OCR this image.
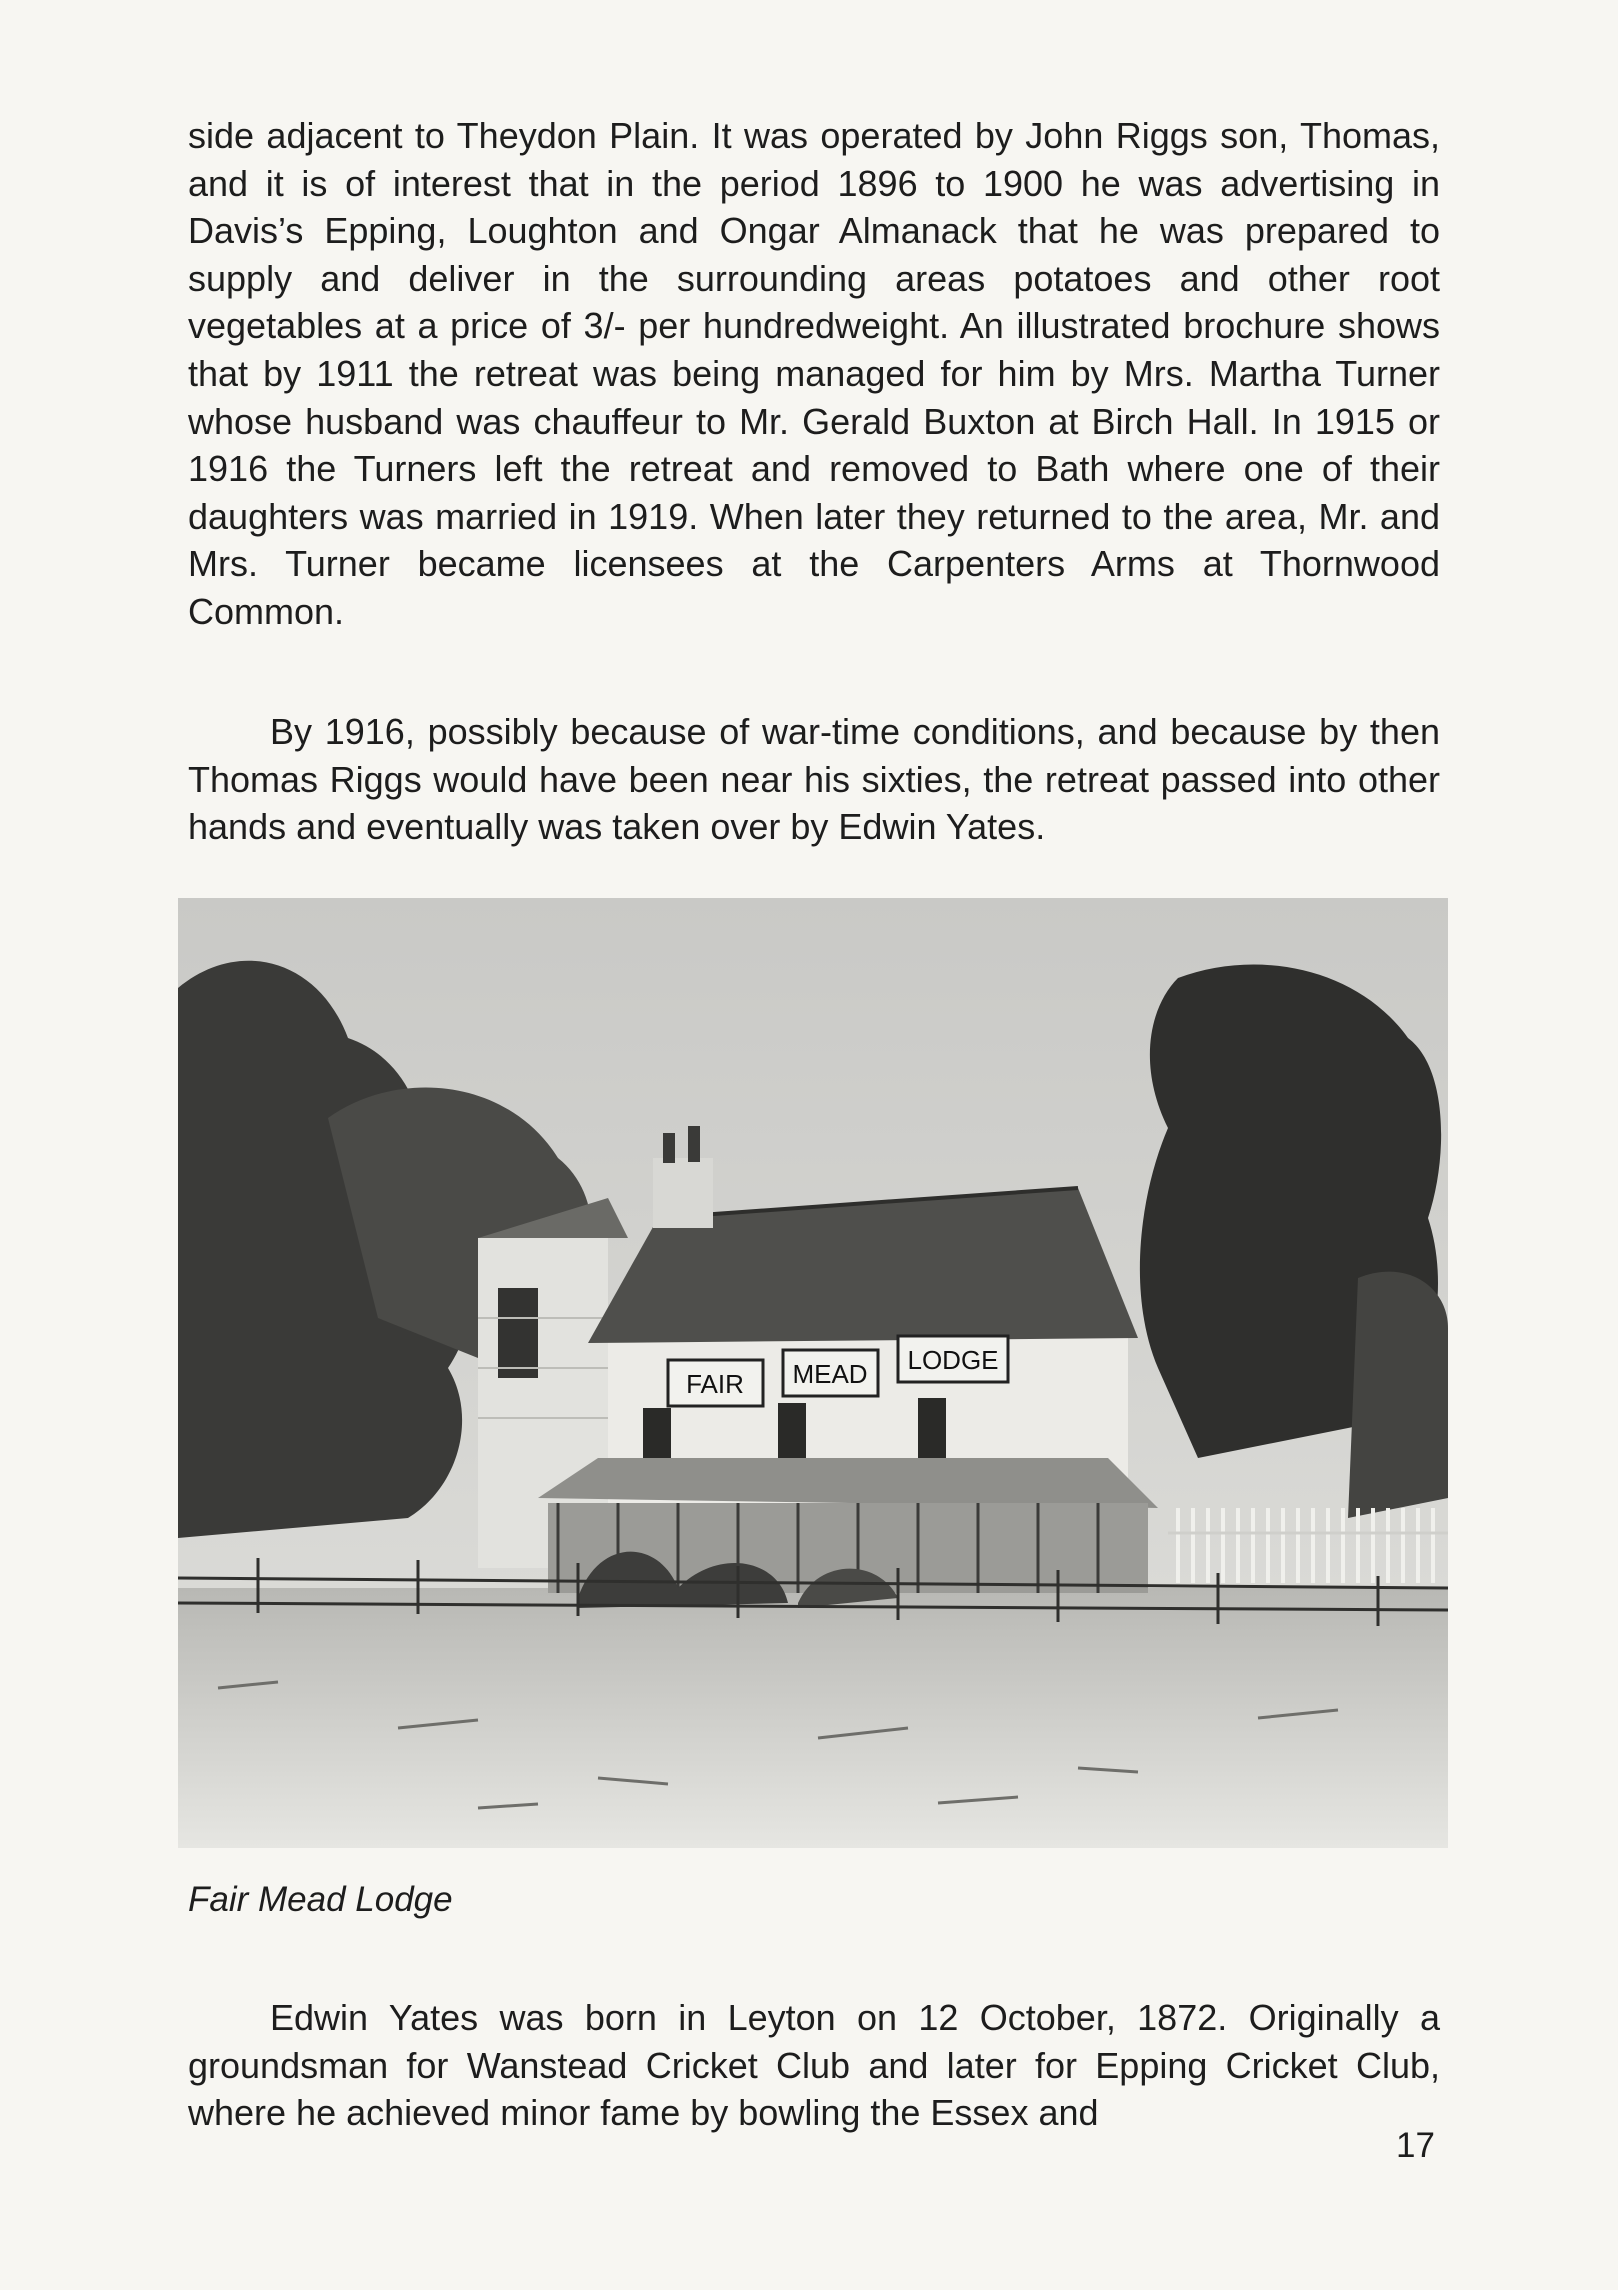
side adjacent to Theydon Plain. It was operated by John Riggs son, Thomas, and it is of interest that in the period 1896 to 1900 he was advertising in Davis’s Epping, Loughton and Ongar Almanack that he was prepared to supply and deliver in the surrounding areas potatoes and other root vegetables at a price of 3/- per hundredweight. An illustrated brochure shows that by 1911 the retreat was being managed for him by Mrs. Martha Turner whose husband was chauffeur to Mr. Gerald Buxton at Birch Hall. In 1915 or 1916 the Turners left the retreat and removed to Bath where one of their daughters was married in 1919. When later they returned to the area, Mr. and Mrs. Turner became licensees at the Carpenters Arms at Thornwood Common.

By 1916, possibly because of war-time conditions, and because by then Thomas Riggs would have been near his sixties, the retreat passed into other hands and eventually was taken over by Edwin Yates.

FAIR MEAD LODGE

Fair Mead Lodge

Edwin Yates was born in Leyton on 12 October, 1872. Originally a groundsman for Wanstead Cricket Club and later for Epping Cricket Club, where he achieved minor fame by bowling the Essex and

17
